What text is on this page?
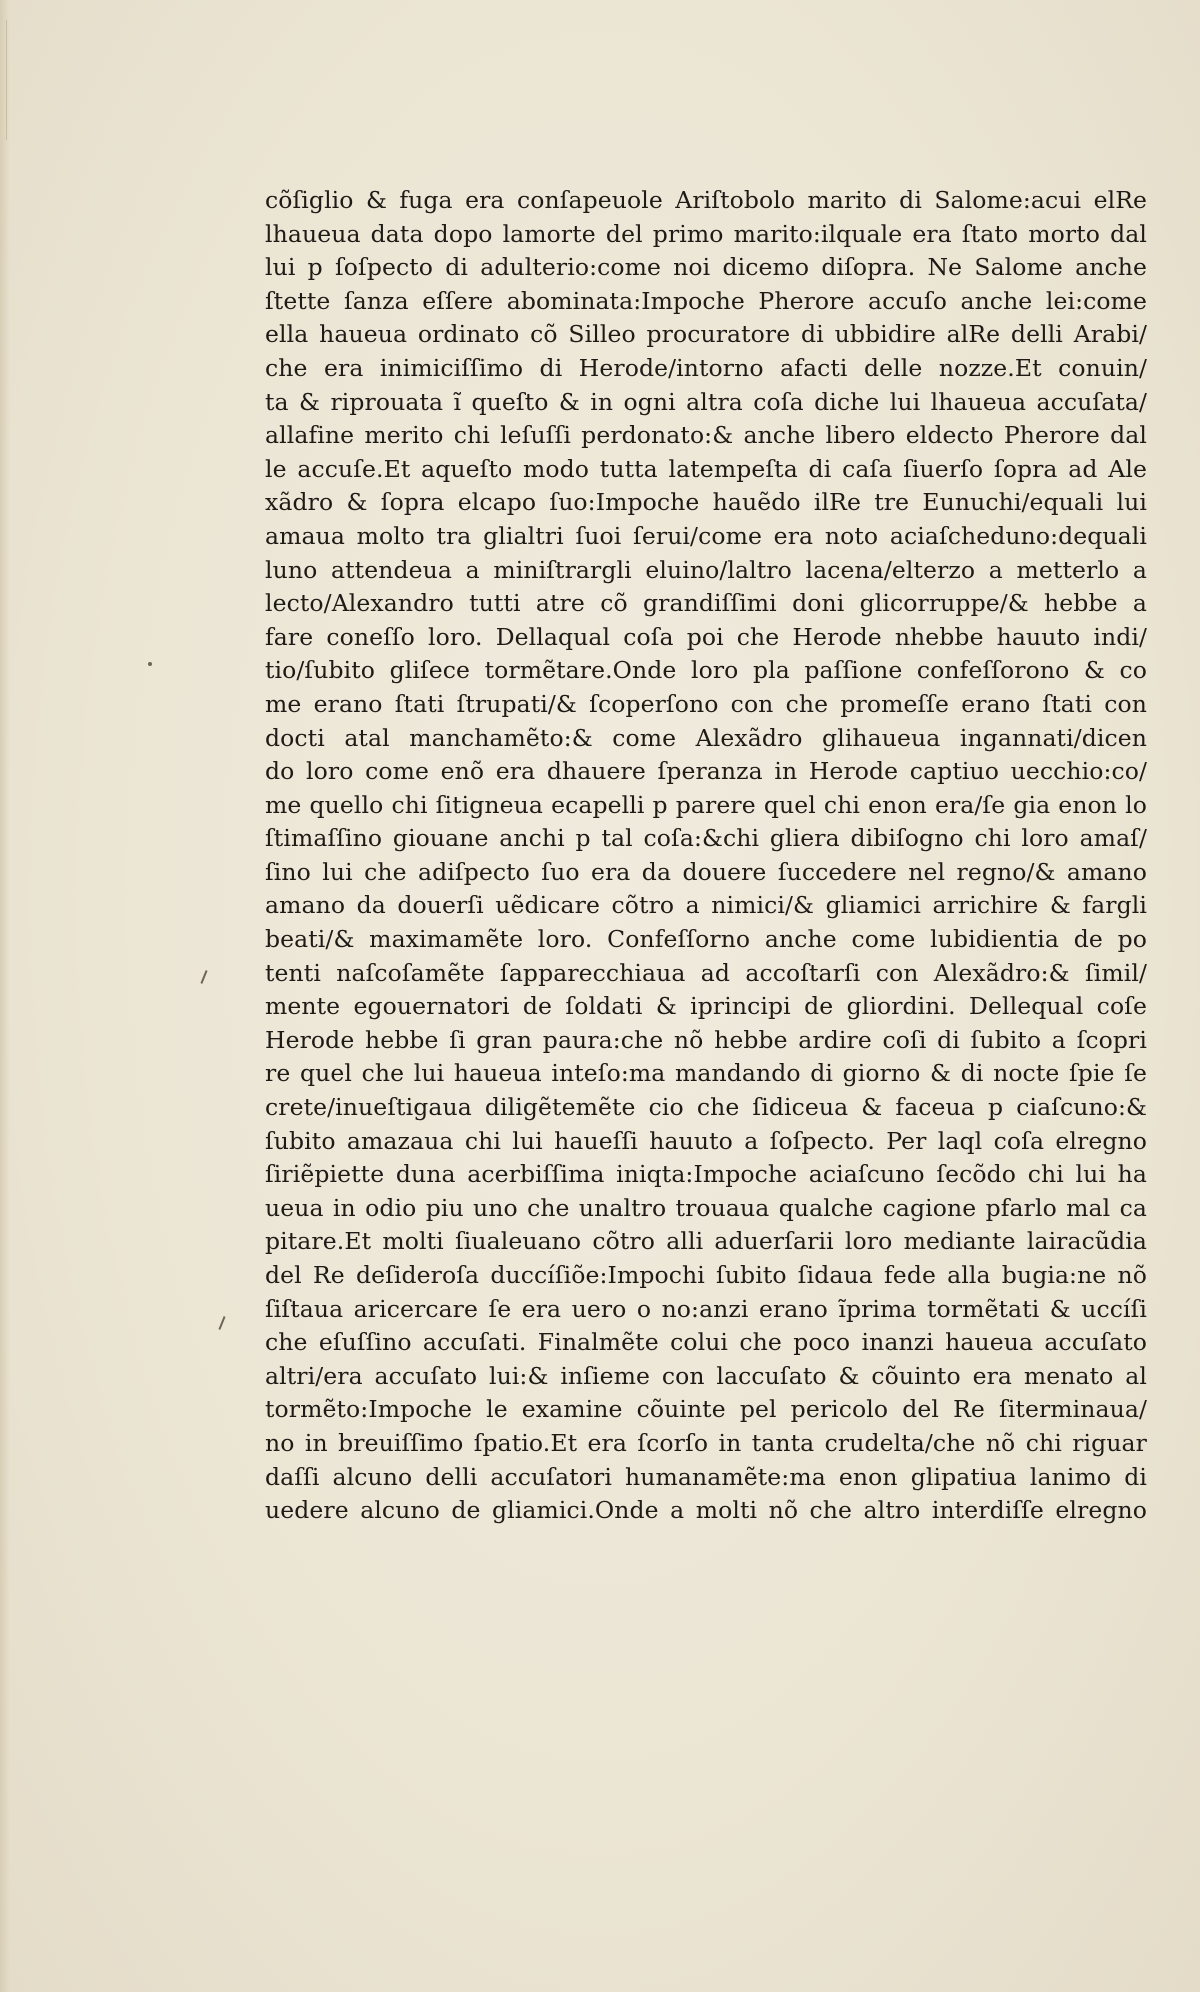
cõſiglio & fuga era conſapeuole Ariſtobolo marito di Salome:acui elRe
lhaueua data dopo lamorte del primo marito:ilquale era ſtato morto dal
lui p ſoſpecto di adulterio:come noi dicemo diſopra. Ne Salome anche
ſtette ſanza eſſere abominata:Impoche Pherore accuſo anche lei:come
ella haueua ordinato cõ Silleo procuratore di ubbidire alRe delli Arabi/
che era inimiciſſimo di Herode/intorno afacti delle nozze.Et conuin/
ta & riprouata ĩ queſto & in ogni altra coſa diche lui lhaueua accuſata/
allafine merito chi leſuſſi perdonato:& anche libero eldecto Pherore dal
le accuſe.Et aqueſto modo tutta latempeſta di caſa ſiuerſo ſopra ad Ale
xãdro & ſopra elcapo ſuo:Impoche hauẽdo ilRe tre Eunuchi/equali lui
amaua molto tra glialtri ſuoi ſerui/come era noto aciaſcheduno:dequali
luno attendeua a miniſtrargli eluino/laltro lacena/elterzo a metterlo a
lecto/Alexandro tutti atre cõ grandiſſimi doni glicorruppe/& hebbe a
fare coneſſo loro. Dellaqual coſa poi che Herode nhebbe hauuto indi/
tio/ſubito gliſece tormẽtare.Onde loro pla paſſione confeſſorono & co
me erano ſtati ſtrupati/& ſcoperſono con che promeſſe erano ſtati con
docti atal manchamẽto:& come Alexãdro glihaueua ingannati/dicen
do loro come enõ era dhauere ſperanza in Herode captiuo uecchio:co/
me quello chi ſitigneua ecapelli p parere quel chi enon era/ſe gia enon lo
ſtimaſſino giouane anchi p tal coſa:&chi gliera dibiſogno chi loro amaſ/
ſino lui che adiſpecto ſuo era da douere ſuccedere nel regno/& amano
amano da douerſi uẽdicare cõtro a nimici/& gliamici arrichire & fargli
beati/& maximamẽte loro. Confeſſorno anche come lubidientia de po
tenti naſcoſamẽte ſapparecchiaua ad accoſtarſi con Alexãdro:& ſimil/
mente egouernatori de ſoldati & iprincipi de gliordini. Dellequal coſe
Herode hebbe ſi gran paura:che nõ hebbe ardire coſi di ſubito a ſcopri
re quel che lui haueua inteſo:ma mandando di giorno & di nocte ſpie ſe
crete/inueſtigaua diligẽtemẽte cio che ſidiceua & faceua p ciaſcuno:&
ſubito amazaua chi lui haueſſi hauuto a ſoſpecto. Per laql coſa elregno
ſiriẽpiette duna acerbiſſima iniqta:Impoche aciaſcuno ſecõdo chi lui ha
ueua in odio piu uno che unaltro trouaua qualche cagione pfarlo mal ca
pitare.Et molti ſiualeuano cõtro alli aduerſarii loro mediante lairacũdia
del Re deſideroſa duccíſiõe:Impochi ſubito ſidaua fede alla bugia:ne nõ
ſiſtaua aricercare ſe era uero o no:anzi erano ĩprima tormẽtati & uccíſi
che eſuſſino accuſati. Finalmẽte colui che poco inanzi haueua accuſato
altri/era accuſato lui:& inſieme con laccuſato & cõuinto era menato al
tormẽto:Impoche le examine cõuinte pel pericolo del Re ſiterminaua/
no in breuiſſimo ſpatio.Et era ſcorſo in tanta crudelta/che nõ chi riguar
daſſi alcuno delli accuſatori humanamẽte:ma enon glipatiua lanimo di
uedere alcuno de gliamici.Onde a molti nõ che altro interdiſſe elregno
